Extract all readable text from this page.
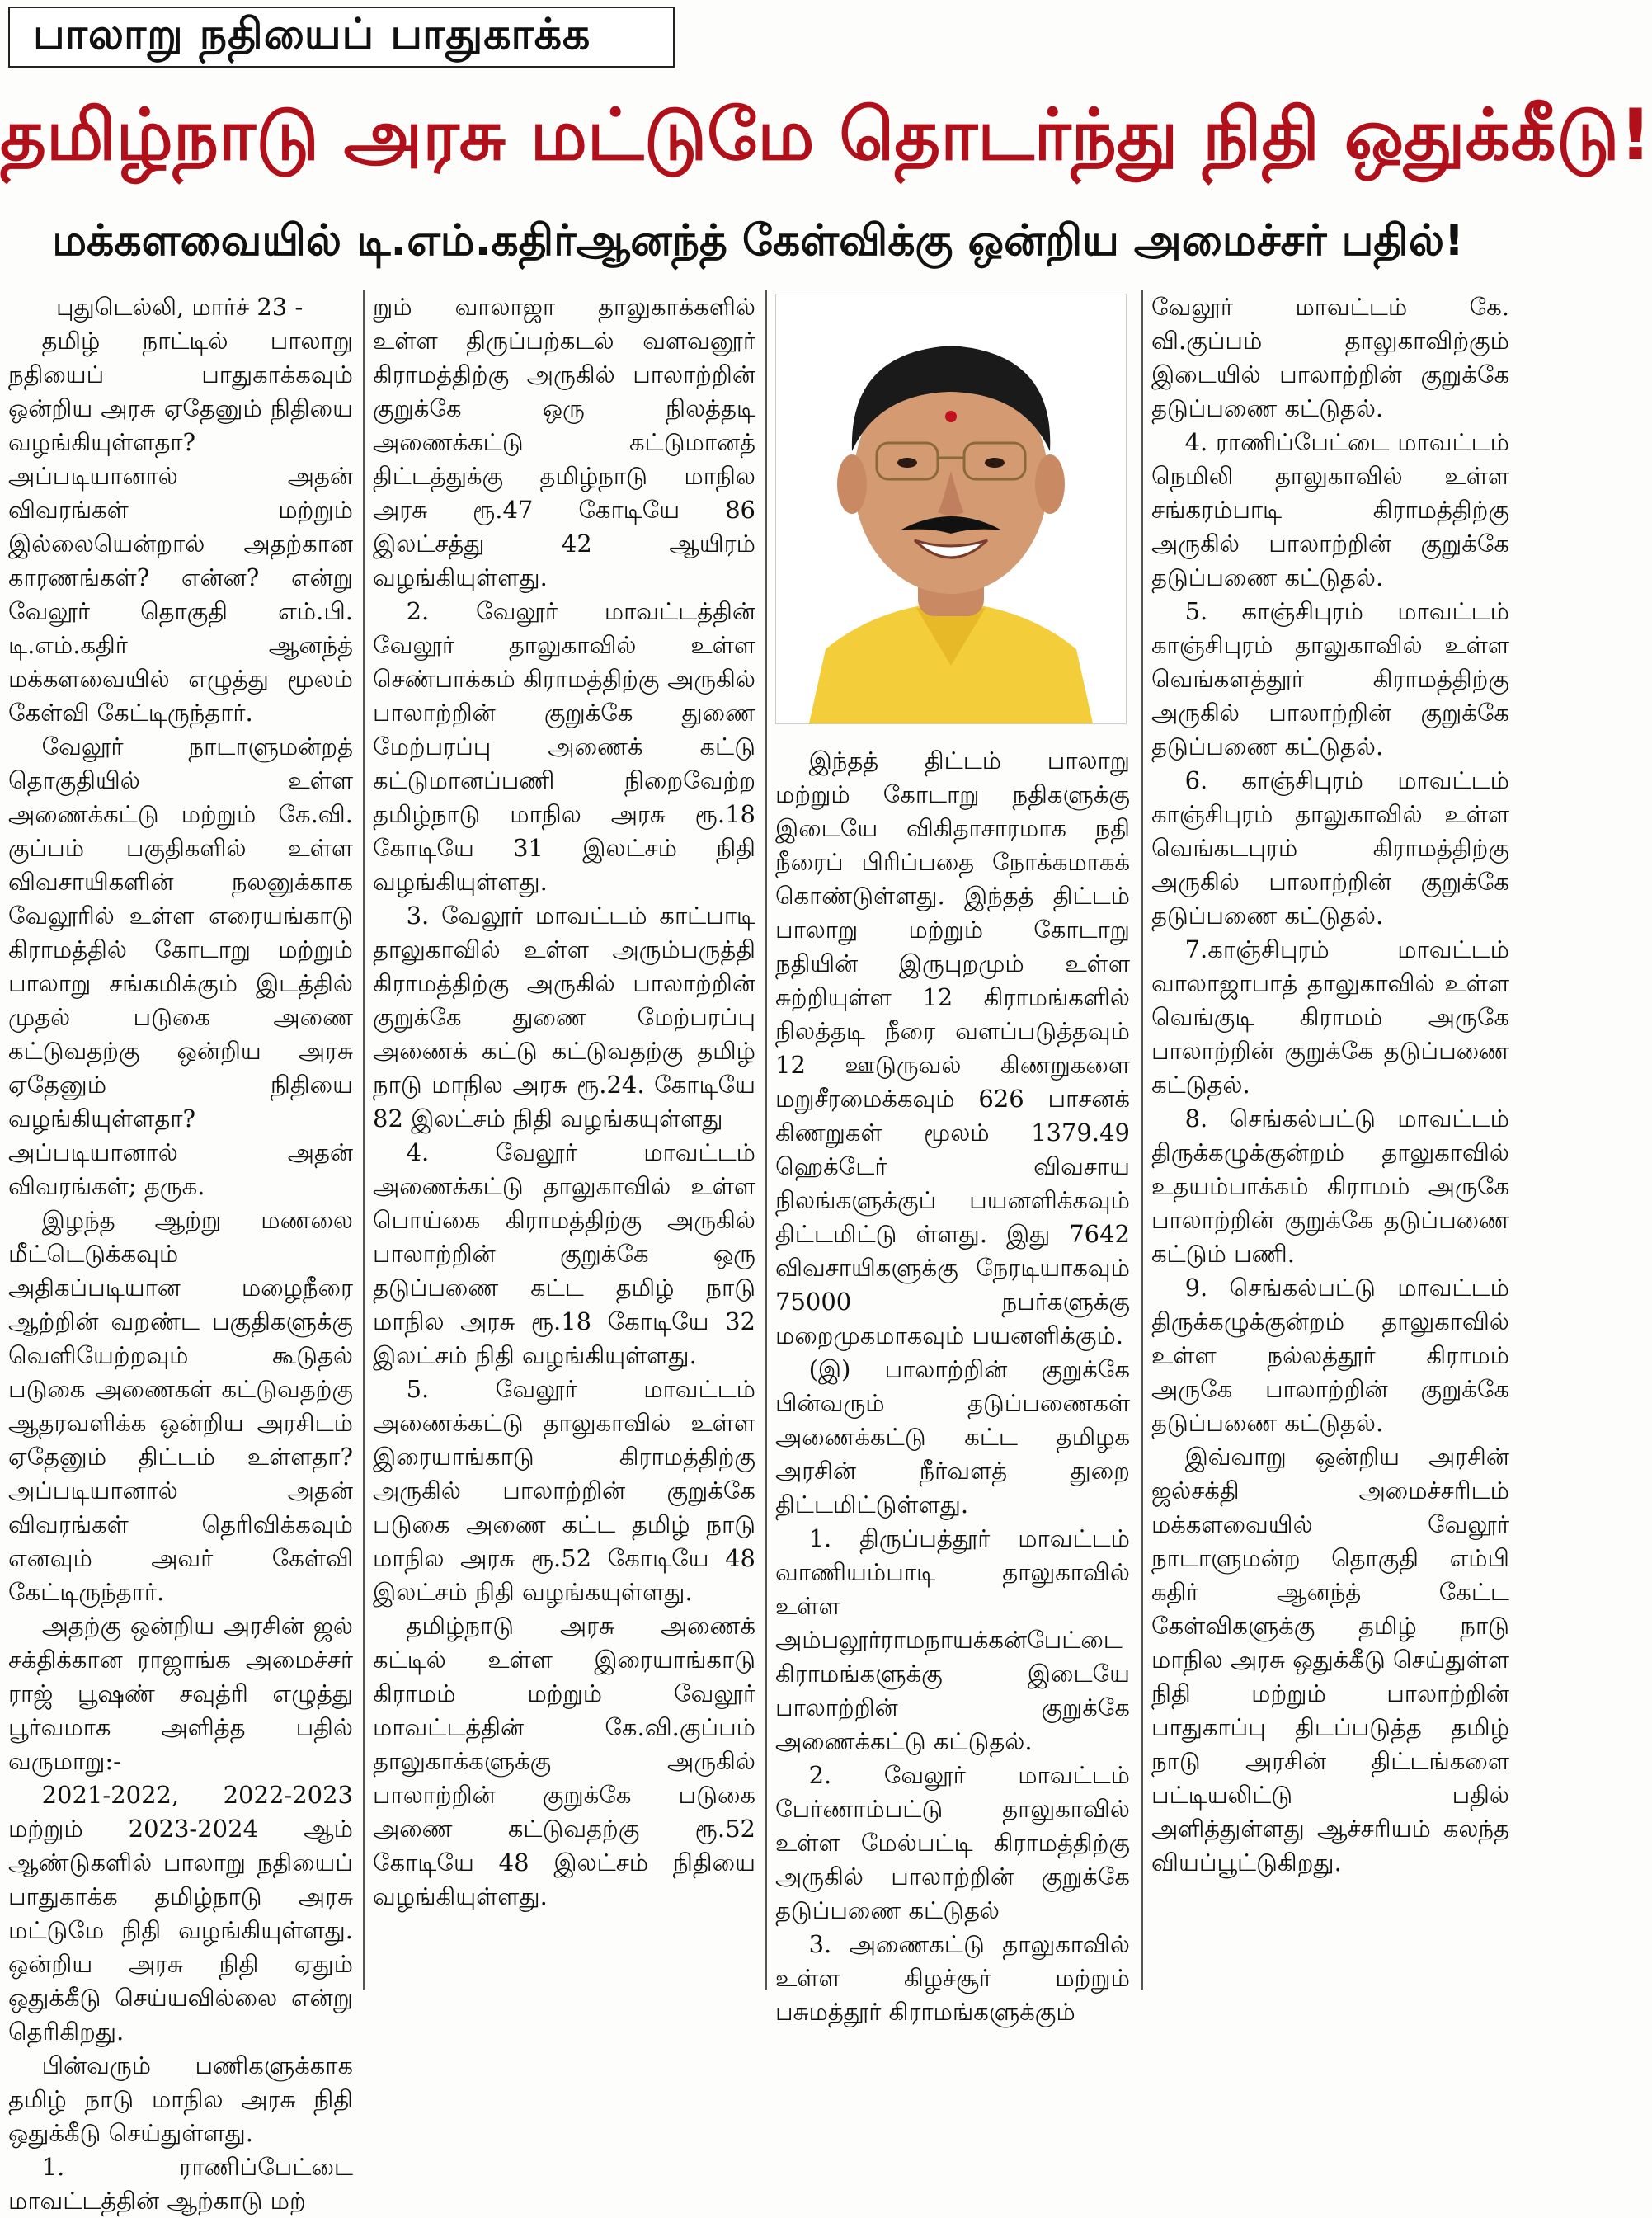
பாலாறு நதியைப் பாதுகாக்க
தமிழ்நாடு அரசு மட்டுமே தொடர்ந்து நிதி ஒதுக்கீடு!
மக்களவையில் டி.எம்.கதிர்ஆனந்த் கேள்விக்கு ஒன்றிய அமைச்சர் பதில்!

புதுடெல்லி, மார்ச் 23 -

தமிழ் நாட்டில் பாலாறு நதியைப் பாதுகாக்கவும் ஒன்றிய அரசு ஏதேனும் நிதியை வழங்கியுள்ளதா? அப்படியானால் அதன் விவரங்கள் மற்றும் இல்லையென்றால் அதற்கான காரணங்கள்? என்ன? என்று வேலூர் தொகுதி எம்.பி. டி.எம்.கதிர் ஆனந்த் மக்களவையில் எழுத்து மூலம் கேள்வி கேட்டிருந்தார்.

வேலூர் நாடாளுமன்றத் தொகுதியில் உள்ள அணைக்கட்டு மற்றும் கே.வி. குப்பம் பகுதிகளில் உள்ள விவசாயிகளின் நலனுக்காக வேலூரில் உள்ள எரையங்காடு கிராமத்தில் கோடாறு மற்றும் பாலாறு சங்கமிக்கும் இடத்தில் முதல் படுகை அணை கட்டுவதற்கு ஒன்றிய அரசு ஏதேனும் நிதியை வழங்கியுள்ளதா? அப்படியானால் அதன் விவரங்கள்; தருக.

இழந்த ஆற்று மணலை மீட்டெடுக்கவும் அதிகப்படியான மழைநீரை ஆற்றின் வறண்ட பகுதிகளுக்கு வெளியேற்றவும் கூடுதல் படுகை அணைகள் கட்டுவதற்கு ஆதரவளிக்க ஒன்றிய அரசிடம் ஏதேனும் திட்டம் உள்ளதா? அப்படியானால் அதன் விவரங்கள் தெரிவிக்கவும் எனவும் அவர் கேள்வி கேட்டிருந்தார்.

அதற்கு ஒன்றிய அரசின் ஜல் சக்திக்கான ராஜாங்க அமைச்சர் ராஜ் பூஷண் சவுத்ரி எழுத்து பூர்வமாக அளித்த பதில் வருமாறு:-

2021-2022, 2022-2023 மற்றும் 2023-2024 ஆம் ஆண்டுகளில் பாலாறு நதியைப் பாதுகாக்க தமிழ்நாடு அரசு மட்டுமே நிதி வழங்கியுள்ளது. ஒன்றிய அரசு நிதி ஏதும் ஒதுக்கீடு செய்யவில்லை என்று தெரிகிறது.

பின்வரும் பணிகளுக்காக தமிழ் நாடு மாநில அரசு நிதி ஒதுக்கீடு செய்துள்ளது.

1. ராணிப்பேட்டை மாவட்டத்தின் ஆற்காடு மற்

றும் வாலாஜா தாலுகாக்களில் உள்ள திருப்பற்கடல் வளவனூர் கிராமத்திற்கு அருகில் பாலாற்றின் குறுக்கே ஒரு நிலத்தடி அணைக்கட்டு கட்டுமானத் திட்டத்துக்கு தமிழ்நாடு மாநில அரசு ரூ.47 கோடியே 86 இலட்சத்து 42 ஆயிரம் வழங்கியுள்ளது.

2. வேலூர் மாவட்டத்தின் வேலூர் தாலுகாவில் உள்ள செண்பாக்கம் கிராமத்திற்கு அருகில் பாலாற்றின் குறுக்கே துணை மேற்பரப்பு அணைக் கட்டு கட்டுமானப்பணி நிறைவேற்ற தமிழ்நாடு மாநில அரசு ரூ.18 கோடியே 31 இலட்சம் நிதி வழங்கியுள்ளது.

3. வேலூர் மாவட்டம் காட்பாடி தாலுகாவில் உள்ள அரும்பருத்தி கிராமத்திற்கு அருகில் பாலாற்றின் குறுக்கே துணை மேற்பரப்பு அணைக் கட்டு கட்டுவதற்கு தமிழ் நாடு மாநில அரசு ரூ.24. கோடியே 82 இலட்சம் நிதி வழங்கயுள்ளது

4. வேலூர் மாவட்டம் அணைக்கட்டு தாலுகாவில் உள்ள பொய்கை கிராமத்திற்கு அருகில் பாலாற்றின் குறுக்கே ஒரு தடுப்பணை கட்ட தமிழ் நாடு மாநில அரசு ரூ.18 கோடியே 32 இலட்சம் நிதி வழங்கியுள்ளது.

5. வேலூர் மாவட்டம் அணைக்கட்டு தாலுகாவில் உள்ள இரையாங்காடு கிராமத்திற்கு அருகில் பாலாற்றின் குறுக்கே படுகை அணை கட்ட தமிழ் நாடு மாநில அரசு ரூ.52 கோடியே 48 இலட்சம் நிதி வழங்கயுள்ளது.

தமிழ்நாடு அரசு அணைக் கட்டில் உள்ள இரையாங்காடு கிராமம் மற்றும் வேலூர் மாவட்டத்தின் கே.வி.குப்பம் தாலுகாக்களுக்கு அருகில் பாலாற்றின் குறுக்கே படுகை அணை கட்டுவதற்கு ரூ.52 கோடியே 48 இலட்சம் நிதியை வழங்கியுள்ளது.

இந்தத் திட்டம் பாலாறு மற்றும் கோடாறு நதிகளுக்கு இடையே விகிதாசாரமாக நதி நீரைப் பிரிப்பதை நோக்கமாகக் கொண்டுள்ளது. இந்தத் திட்டம் பாலாறு மற்றும் கோடாறு நதியின் இருபுறமும் உள்ள சுற்றியுள்ள 12 கிராமங்களில் நிலத்தடி நீரை வளப்படுத்தவும் 12 ஊடுருவல் கிணறுகளை மறுசீரமைக்கவும் 626 பாசனக் கிணறுகள் மூலம் 1379.49 ஹெக்டேர் விவசாய நிலங்களுக்குப் பயனளிக்கவும் திட்டமிட்டு ள்ளது. இது 7642 விவசாயிகளுக்கு நேரடியாகவும் 75000 நபர்களுக்கு மறைமுகமாகவும் பயனளிக்கும்.

(இ) பாலாற்றின் குறுக்கே பின்வரும் தடுப்பணைகள் அணைக்கட்டு கட்ட தமிழக அரசின் நீர்வளத் துறை திட்டமிட்டுள்ளது.

1. திருப்பத்தூர் மாவட்டம் வாணியம்பாடி தாலுகாவில் உள்ள அம்பலூர்ராமநாயக்கன்பேட்டை கிராமங்களுக்கு இடையே பாலாற்றின் குறுக்கே அணைக்கட்டு கட்டுதல்.

2. வேலூர் மாவட்டம் பேர்ணாம்பட்டு தாலுகாவில் உள்ள மேல்பட்டி கிராமத்திற்கு அருகில் பாலாற்றின் குறுக்கே தடுப்பணை கட்டுதல்

3. அணைகட்டு தாலுகாவில் உள்ள கிழச்சூர் மற்றும் பசுமத்தூர் கிராமங்களுக்கும்

வேலூர் மாவட்டம் கே. வி.குப்பம் தாலுகாவிற்கும் இடையில் பாலாற்றின் குறுக்கே தடுப்பணை கட்டுதல்.

4. ராணிப்பேட்டை மாவட்டம் நெமிலி தாலுகாவில் உள்ள சங்கரம்பாடி கிராமத்திற்கு அருகில் பாலாற்றின் குறுக்கே தடுப்பணை கட்டுதல்.

5. காஞ்சிபுரம் மாவட்டம் காஞ்சிபுரம் தாலுகாவில் உள்ள வெங்களத்தூர் கிராமத்திற்கு அருகில் பாலாற்றின் குறுக்கே தடுப்பணை கட்டுதல்.

6. காஞ்சிபுரம் மாவட்டம் காஞ்சிபுரம் தாலுகாவில் உள்ள வெங்கடபுரம் கிராமத்திற்கு அருகில் பாலாற்றின் குறுக்கே தடுப்பணை கட்டுதல்.

7.காஞ்சிபுரம் மாவட்டம் வாலாஜாபாத் தாலுகாவில் உள்ள வெங்குடி கிராமம் அருகே பாலாற்றின் குறுக்கே தடுப்பணை கட்டுதல்.

8. செங்கல்பட்டு மாவட்டம் திருக்கழுக்குன்றம் தாலுகாவில் உதயம்பாக்கம் கிராமம் அருகே பாலாற்றின் குறுக்கே தடுப்பணை கட்டும் பணி.

9. செங்கல்பட்டு மாவட்டம் திருக்கழுக்குன்றம் தாலுகாவில் உள்ள நல்லத்தூர் கிராமம் அருகே பாலாற்றின் குறுக்கே தடுப்பணை கட்டுதல்.

இவ்வாறு ஒன்றிய அரசின் ஜல்சக்தி அமைச்சரிடம் மக்களவையில் வேலூர் நாடாளுமன்ற தொகுதி எம்பி கதிர் ஆனந்த் கேட்ட கேள்விகளுக்கு தமிழ் நாடு மாநில அரசு ஒதுக்கீடு செய்துள்ள நிதி மற்றும் பாலாற்றின் பாதுகாப்பு திடப்படுத்த தமிழ் நாடு அரசின் திட்டங்களை பட்டியலிட்டு பதில் அளித்துள்ளது ஆச்சரியம் கலந்த வியப்பூட்டுகிறது.
